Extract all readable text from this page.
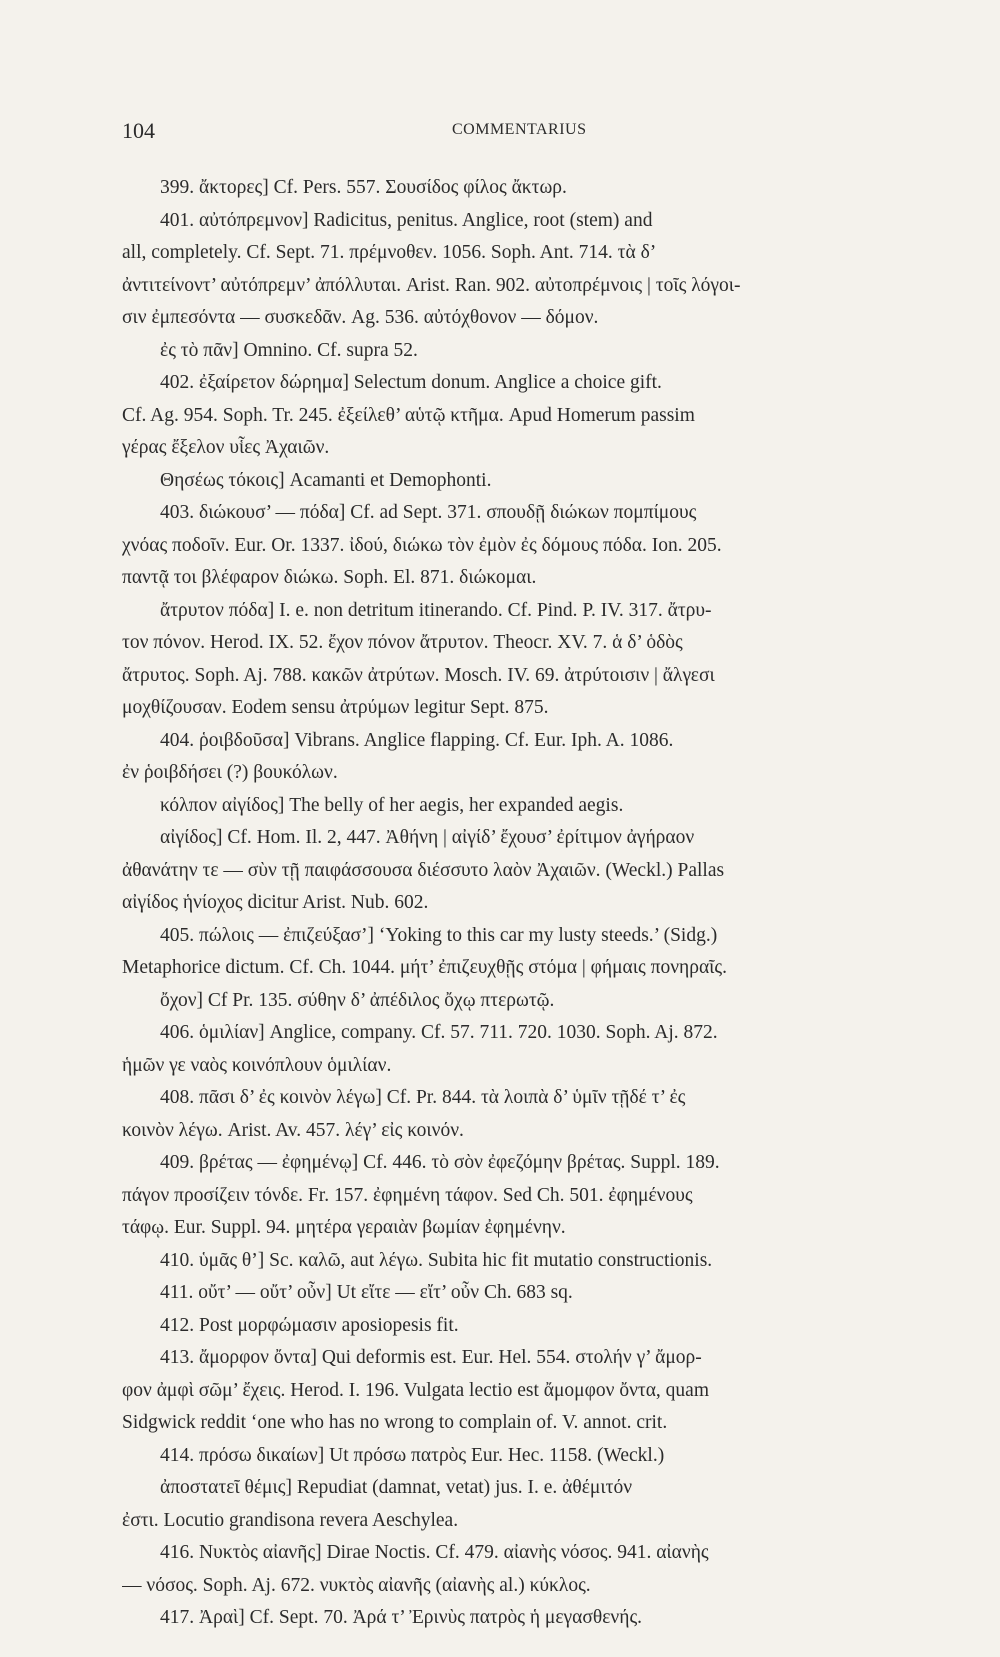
104	COMMENTARIUS
399. ἄκτορες] Cf. Pers. 557. Σουσίδος φίλος ἄκτωρ.
401. αὐτόπρεμνον] Radicitus, penitus. Anglice, root (stem) and
all, completely. Cf. Sept. 71. πρέμνοθεν. 1056. Soph. Ant. 714. τὰ δ’
ἀντιτείνοντ’ αὐτόπρεμν’ ἀπόλλυται. Arist. Ran. 902. αὐτοπρέμνοις | τοῖς λόγοι-
σιν ἐμπεσόντα — συσκεδᾶν. Ag. 536. αὐτόχθονον — δόμον.
ἐς τὸ πᾶν] Omnino. Cf. supra 52.
402. ἐξαίρετον δώρημα] Selectum donum. Anglice a choice gift.
Cf. Ag. 954. Soph. Tr. 245. ἐξείλεθ’ αὑτῷ κτῆμα. Apud Homerum passim
γέρας ἔξελον υἷες Ἀχαιῶν.
Θησέως τόκοις] Acamanti et Demophonti.
403. διώκουσ’ — πόδα] Cf. ad Sept. 371. σπουδῇ διώκων πομπίμους
χνόας ποδοῖν. Eur. Or. 1337. ἰδού, διώκω τὸν ἐμὸν ἐς δόμους πόδα. Ion. 205.
παντᾷ τοι βλέφαρον διώκω. Soph. El. 871. διώκομαι.
ἄτρυτον πόδα] I. e. non detritum itinerando. Cf. Pind. P. IV. 317. ἄτρυ-
τον πόνον. Herod. IX. 52. ἔχον πόνον ἄτρυτον. Theocr. XV. 7. ἁ δ’ ὁδὸς
ἄτρυτος. Soph. Aj. 788. κακῶν ἀτρύτων. Mosch. IV. 69. ἀτρύτοισιν | ἄλγεσι
μοχθίζουσαν. Eodem sensu ἀτρύμων legitur Sept. 875.
404. ῥοιβδοῦσα] Vibrans. Anglice flapping. Cf. Eur. Iph. A. 1086.
ἐν ῥοιβδήσει (?) βουκόλων.
κόλπον αἰγίδος] The belly of her aegis, her expanded aegis.
αἰγίδος] Cf. Hom. Il. 2, 447. Ἀθήνη | αἰγίδ’ ἔχουσ’ ἐρίτιμον ἀγήραον
ἀθανάτην τε — σὺν τῇ παιφάσσουσα διέσσυτο λαὸν Ἀχαιῶν. (Weckl.) Pallas
αἰγίδος ἡνίοχος dicitur Arist. Nub. 602.
405. πώλοις — ἐπιζεύξασ’] ‘Yoking to this car my lusty steeds.’ (Sidg.)
Metaphorice dictum. Cf. Ch. 1044. μήτ’ ἐπιζευχθῇς στόμα | φήμαις πονηραῖς.
ὄχον] Cf Pr. 135. σύθην δ’ ἀπέδιλος ὄχῳ πτερωτῷ.
406. ὁμιλίαν] Anglice, company. Cf. 57. 711. 720. 1030. Soph. Aj. 872.
ἡμῶν γε ναὸς κοινόπλουν ὁμιλίαν.
408. πᾶσι δ’ ἐς κοινὸν λέγω] Cf. Pr. 844. τὰ λοιπὰ δ’ ὑμῖν τῇδέ τ’ ἐς
κοινὸν λέγω. Arist. Av. 457. λέγ’ εἰς κοινόν.
409. βρέτας — ἐφημένῳ] Cf. 446. τὸ σὸν ἐφεζόμην βρέτας. Suppl. 189.
πάγον προσίζειν τόνδε. Fr. 157. ἐφημένη τάφον. Sed Ch. 501. ἐφημένους
τάφῳ. Eur. Suppl. 94. μητέρα γεραιὰν βωμίαν ἐφημένην.
410. ὑμᾶς θ’] Sc. καλῶ, aut λέγω. Subita hic fit mutatio constructionis.
411. οὔτ’ — οὔτ’ οὖν] Ut εἴτε — εἴτ’ οὖν Ch. 683 sq.
412. Post μορφώμασιν aposiopesis fit.
413. ἄμορφον ὄντα] Qui deformis est. Eur. Hel. 554. στολήν γ’ ἄμορ-
φον ἀμφὶ σῶμ’ ἔχεις. Herod. I. 196. Vulgata lectio est ἄμομφον ὄντα, quam
Sidgwick reddit ‘one who has no wrong to complain of. V. annot. crit.
414. πρόσω δικαίων] Ut πρόσω πατρὸς Eur. Hec. 1158. (Weckl.)
ἀποστατεῖ θέμις] Repudiat (damnat, vetat) jus. I. e. ἀθέμιτόν
ἐστι. Locutio grandisona revera Aeschylea.
416. Νυκτὸς αἰανῆς] Dirae Noctis. Cf. 479. αἰανὴς νόσος. 941. αἰανὴς
— νόσος. Soph. Aj. 672. νυκτὸς αἰανῆς (αἰανὴς al.) κύκλος.
417. Ἀραὶ] Cf. Sept. 70. Ἀρά τ’ Ἐρινὺς πατρὸς ἡ μεγασθενής.
